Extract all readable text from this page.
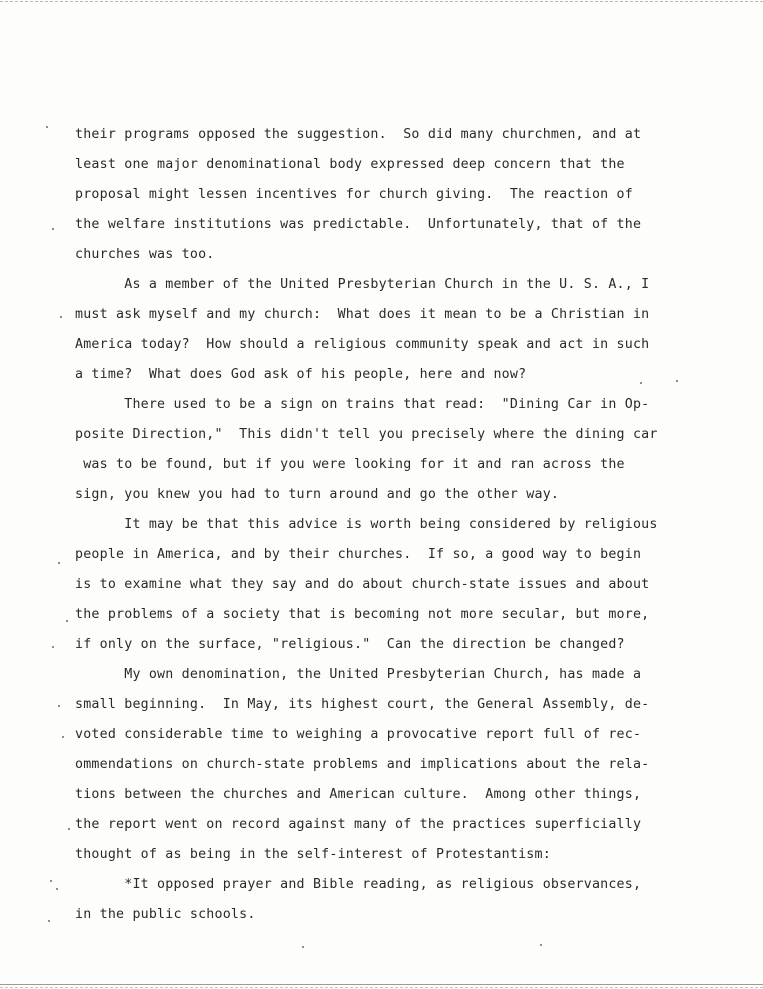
their programs opposed the suggestion.  So did many churchmen, and at
least one major denominational body expressed deep concern that the
proposal might lessen incentives for church giving.  The reaction of
the welfare institutions was predictable.  Unfortunately, that of the
churches was too.
As a member of the United Presbyterian Church in the U. S. A., I
must ask myself and my church:  What does it mean to be a Christian in
America today?  How should a religious community speak and act in such
a time?  What does God ask of his people, here and now?
There used to be a sign on trains that read:  "Dining Car in Op-
posite Direction,"  This didn't tell you precisely where the dining car
was to be found, but if you were looking for it and ran across the
sign, you knew you had to turn around and go the other way.
It may be that this advice is worth being considered by religious
people in America, and by their churches.  If so, a good way to begin
is to examine what they say and do about church-state issues and about
the problems of a society that is becoming not more secular, but more,
if only on the surface, "religious."  Can the direction be changed?
My own denomination, the United Presbyterian Church, has made a
small beginning.  In May, its highest court, the General Assembly, de-
voted considerable time to weighing a provocative report full of rec-
ommendations on church-state problems and implications about the rela-
tions between the churches and American culture.  Among other things,
the report went on record against many of the practices superficially
thought of as being in the self-interest of Protestantism:
*It opposed prayer and Bible reading, as religious observances,
in the public schools.
